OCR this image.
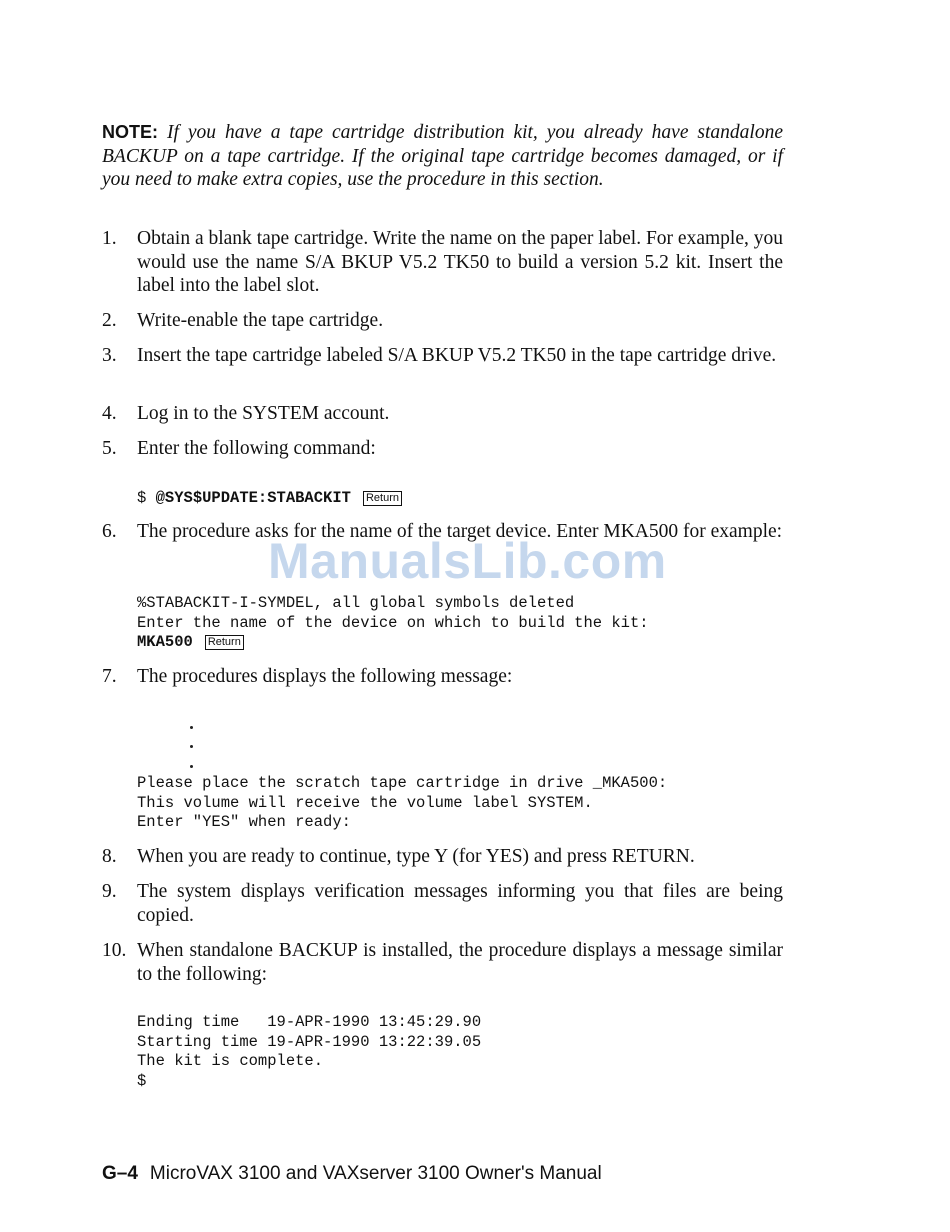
NOTE: If you have a tape cartridge distribution kit, you already have standalone BACKUP on a tape cartridge. If the original tape cartridge becomes damaged, or if you need to make extra copies, use the procedure in this section.

1. Obtain a blank tape cartridge. Write the name on the paper label. For example, you would use the name S/A BKUP V5.2 TK50 to build a version 5.2 kit. Insert the label into the label slot.
2. Write-enable the tape cartridge.
3. Insert the tape cartridge labeled S/A BKUP V5.2 TK50 in the tape cartridge drive.
4. Log in to the SYSTEM account.
5. Enter the following command:
$ @SYS$UPDATE:STABACKIT Return
6. The procedure asks for the name of the target device. Enter MKA500 for example:
%STABACKIT-I-SYMDEL, all global symbols deleted
Enter the name of the device on which to build the kit:
MKA500 Return
7. The procedures displays the following message:
Please place the scratch tape cartridge in drive _MKA500:
This volume will receive the volume label SYSTEM.
Enter "YES" when ready:
8. When you are ready to continue, type Y (for YES) and press RETURN.
9. The system displays verification messages informing you that files are being copied.
10. When standalone BACKUP is installed, the procedure displays a message similar to the following:
Ending time   19-APR-1990 13:45:29.90
Starting time 19-APR-1990 13:22:39.05
The kit is complete.
$
G–4 MicroVAX 3100 and VAXserver 3100 Owner's Manual
ManualsLib.com
